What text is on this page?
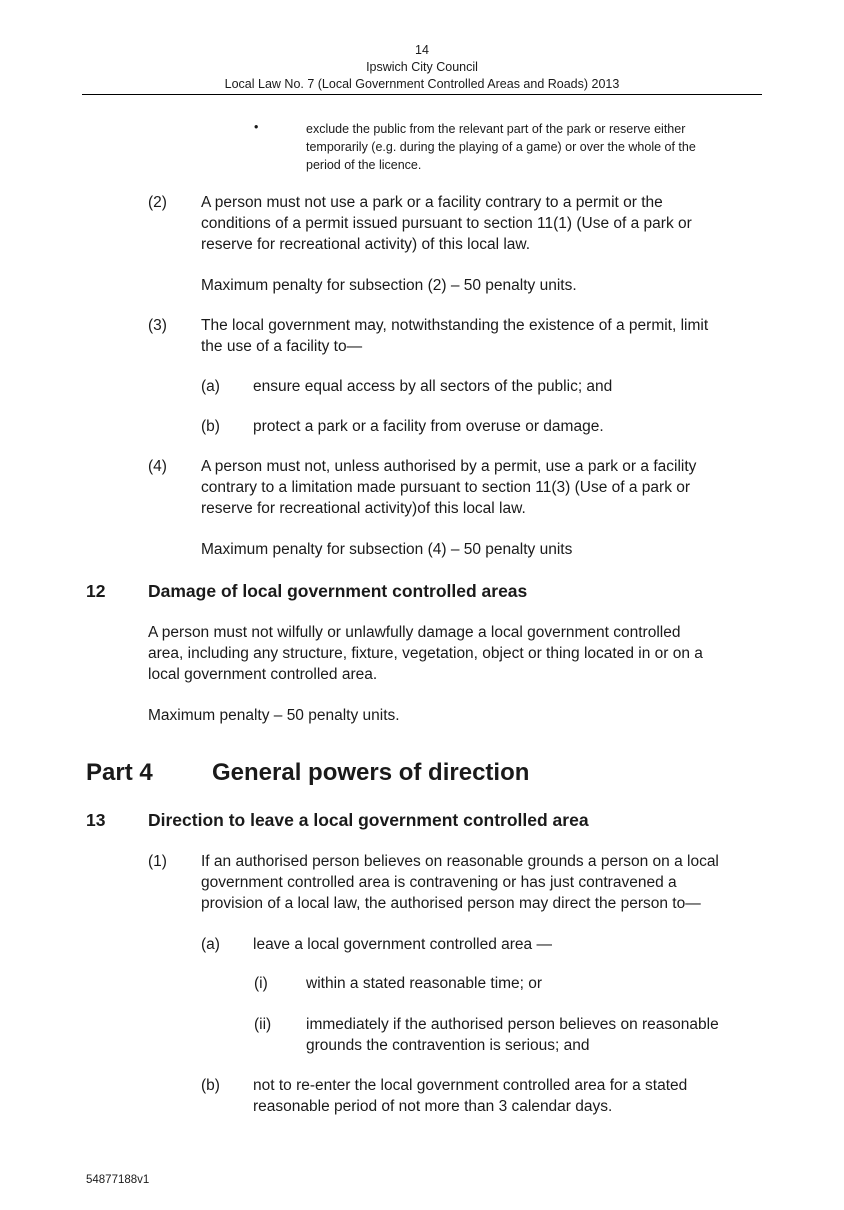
14
Ipswich City Council
Local Law No. 7 (Local Government Controlled Areas and Roads) 2013
•	exclude the public from the relevant part of the park or reserve either
temporarily (e.g. during the playing of a game) or over the whole of the
period of the licence.
(2) A person must not use a park or a facility contrary to a permit or the
conditions of a permit issued pursuant to section 11(1) (Use of a park or
reserve for recreational activity) of this local law.
Maximum penalty for subsection (2) – 50 penalty units.
(3) The local government may, notwithstanding the existence of a permit, limit
the use of a facility to—
(a) ensure equal access by all sectors of the public; and
(b) protect a park or a facility from overuse or damage.
(4) A person must not, unless authorised by a permit, use a park or a facility
contrary to a limitation made pursuant to section 11(3) (Use of a park or
reserve for recreational activity)of this local law.
Maximum penalty for subsection (4) – 50 penalty units
12 Damage of local government controlled areas
A person must not wilfully or unlawfully damage a local government controlled
area, including any structure, fixture, vegetation, object or thing located in or on a
local government controlled area.
Maximum penalty – 50 penalty units.
Part 4 General powers of direction
13 Direction to leave a local government controlled area
(1) If an authorised person believes on reasonable grounds a person on a local
government controlled area is contravening or has just contravened a
provision of a local law, the authorised person may direct the person to—
(a) leave a local government controlled area —
(i) within a stated reasonable time; or
(ii) immediately if the authorised person believes on reasonable
grounds the contravention is serious; and
(b) not to re-enter the local government controlled area for a stated
reasonable period of not more than 3 calendar days.
54877188v1
